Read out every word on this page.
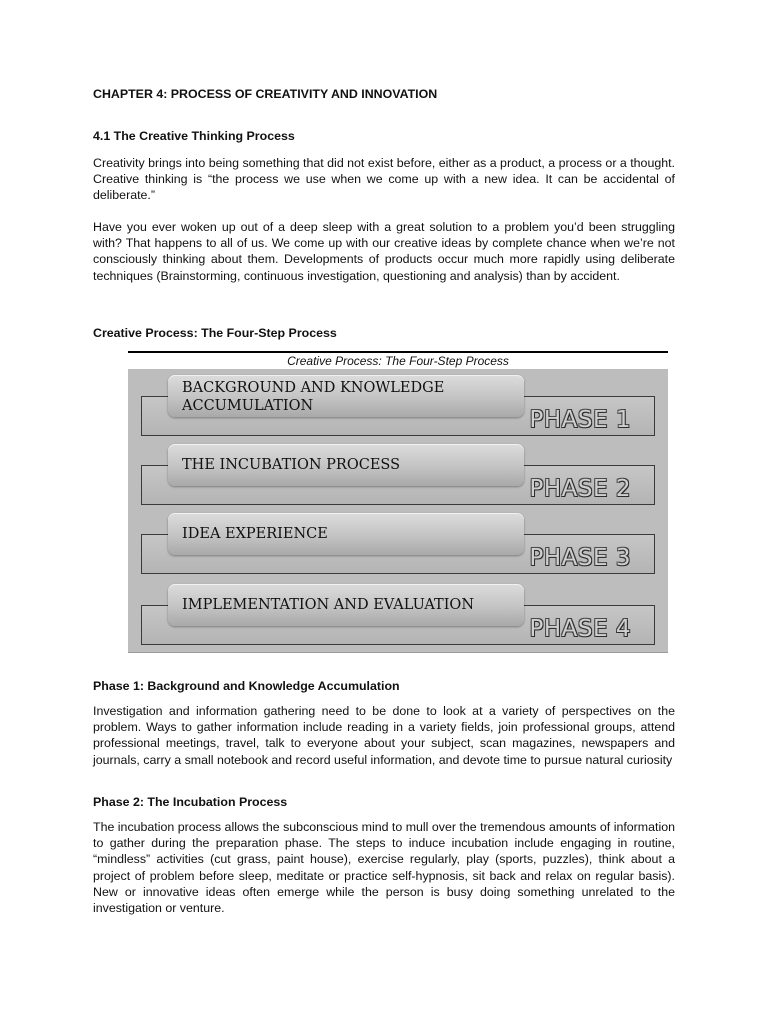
CHAPTER 4: PROCESS OF CREATIVITY AND INNOVATION
4.1 The Creative Thinking Process
Creativity brings into being something that did not exist before, either as a product, a process or a thought. Creative thinking is “the process we use when we come up with a new idea. It can be accidental of deliberate.”
Have you ever woken up out of a deep sleep with a great solution to a problem you’d been struggling with? That happens to all of us. We come up with our creative ideas by complete chance when we’re not consciously thinking about them. Developments of products occur much more rapidly using deliberate techniques (Brainstorming, continuous investigation, questioning and analysis) than by accident.
Creative Process: The Four-Step Process
Creative Process: The Four-Step Process
BACKGROUND AND KNOWLEDGE ACCUMULATION
PHASE 1
THE INCUBATION PROCESS
PHASE 2
IDEA EXPERIENCE
PHASE 3
IMPLEMENTATION AND EVALUATION
PHASE 4
Phase 1: Background and Knowledge Accumulation
Investigation and information gathering need to be done to look at a variety of perspectives on the problem. Ways to gather information include reading in a variety fields, join professional groups, attend professional meetings, travel, talk to everyone about your subject, scan magazines, newspapers and journals, carry a small notebook and record useful information, and devote time to pursue natural curiosity
Phase 2: The Incubation Process
The incubation process allows the subconscious mind to mull over the tremendous amounts of information to gather during the preparation phase. The steps to induce incubation include engaging in routine, “mindless” activities (cut grass, paint house), exercise regularly, play (sports, puzzles), think about a project of problem before sleep, meditate or practice self-hypnosis, sit back and relax on regular basis). New or innovative ideas often emerge while the person is busy doing something unrelated to the investigation or venture.
